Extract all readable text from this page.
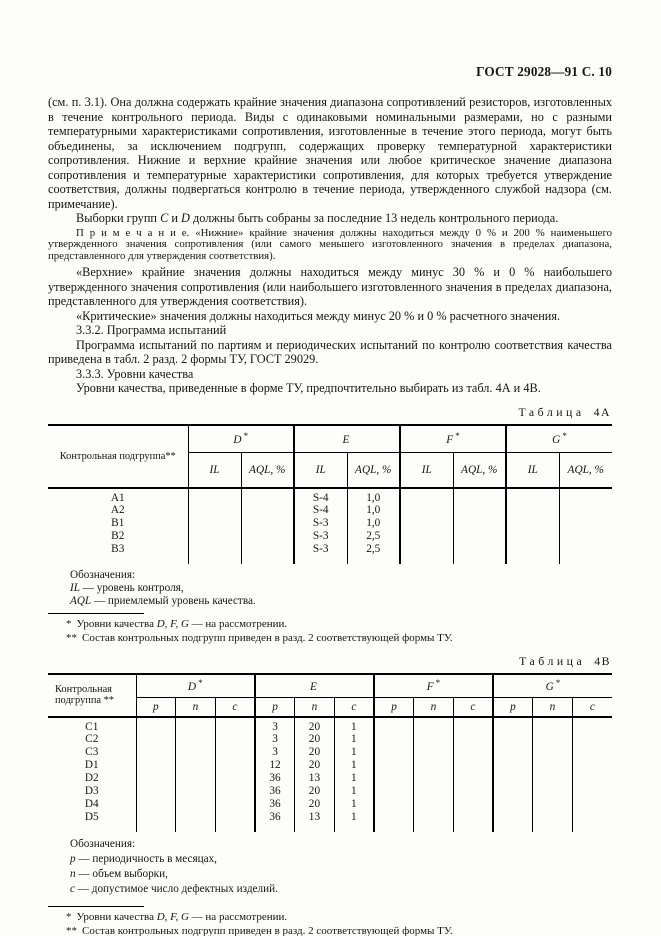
ГОСТ 29028—91 С. 10

(см. п. 3.1). Она должна содержать крайние значения диапазона сопротивлений резисторов, изготовленных в течение контрольного периода. Виды с одинаковыми номинальными размерами, но с разными температурными характеристиками сопротивления, изготовленные в течение этого периода, могут быть объединены, за исключением подгрупп, содержащих проверку температурной характеристики сопротивления. Нижние и верхние крайние значения или любое критическое значение диапазона сопротивления и температурные характеристики сопротивления, для которых требуется утверждение соответствия, должны подвергаться контролю в течение периода, утвержденного службой надзора (см. примечание).

Выборки групп C и D должны быть собраны за последние 13 недель контрольного периода.

П р и м е ч а н и е. «Нижние» крайние значения должны находиться между 0 % и 200 % наименьшего утвержденного значения сопротивления (или самого меньшего изготовленного значения в пределах диапазона, представленного для утверждения соответствия).

«Верхние» крайние значения должны находиться между минус 30 % и 0 % наибольшего утвержденного значения сопротивления (или наибольшего изготовленного значения в пределах диапазона, представленного для утверждения соответствия).

«Критические» значения должны находиться между минус 20 % и 0 % расчетного значения.

3.3.2. Программа испытаний

Программа испытаний по партиям и периодических испытаний по контролю соответствия качества приведена в табл. 2 разд. 2 формы ТУ, ГОСТ 29029.

3.3.3. Уровни качества

Уровни качества, приведенные в форме ТУ, предпочтительно выбирать из табл. 4А и 4В.

Таблица 4А
Контрольная подгруппа**	D *		E		F *		G *
	IL	AQL, %	IL	AQL, %	IL	AQL, %	IL	AQL, %
A1			S-4	1,0				
A2			S-4	1,0				
B1			S-3	1,0				
B2			S-3	2,5				
B3			S-3	2,5				

Обозначения:

IL — уровень контроля,

AQL — приемлемый уровень качества.

* Уровни качества D, F, G — на рассмотрении.

** Состав контрольных подгрупп приведен в разд. 2 соответствующей формы ТУ.

Таблица 4В
Контрольная подгруппа **	D *			E			F *			G *
	p	n	c	p	n	c	p	n	c	p	n	c
C1				3	20	1						
C2				3	20	1						
C3				3	20	1						
D1				12	20	1						
D2				36	13	1						
D3				36	20	1						
D4				36	20	1						
D5				36	13	1						

Обозначения:

p — периодичность в месяцах,

n — объем выборки,

c — допустимое число дефектных изделий.

* Уровни качества D, F, G — на рассмотрении.

** Состав контрольных подгрупп приведен в разд. 2 соответствующей формы ТУ.
